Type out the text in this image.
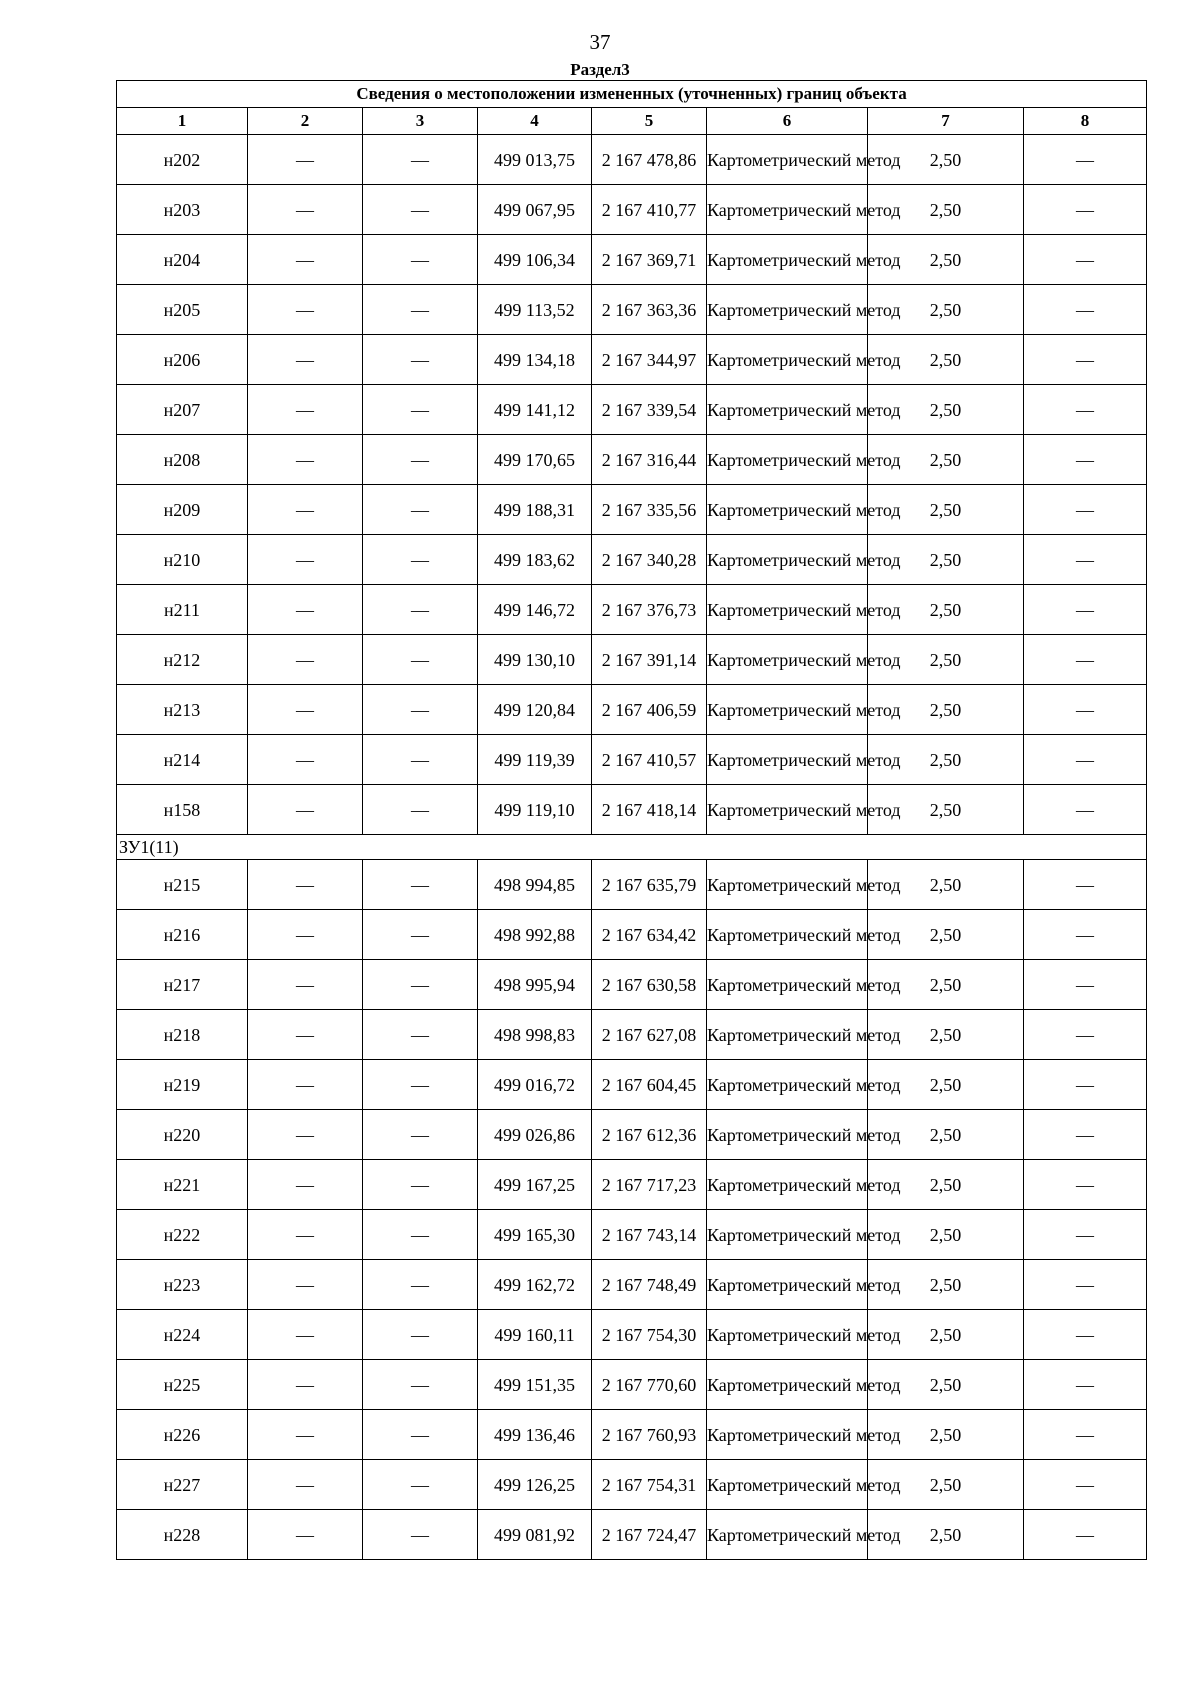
37
Раздел3
Сведения о местоположении измененных (уточненных) границ объекта							
1	2	3	4	5	6	7	8
н202	—	—	499 013,75	2 167 478,86	Картометрический метод	2,50	—
н203	—	—	499 067,95	2 167 410,77	Картометрический метод	2,50	—
н204	—	—	499 106,34	2 167 369,71	Картометрический метод	2,50	—
н205	—	—	499 113,52	2 167 363,36	Картометрический метод	2,50	—
н206	—	—	499 134,18	2 167 344,97	Картометрический метод	2,50	—
н207	—	—	499 141,12	2 167 339,54	Картометрический метод	2,50	—
н208	—	—	499 170,65	2 167 316,44	Картометрический метод	2,50	—
н209	—	—	499 188,31	2 167 335,56	Картометрический метод	2,50	—
н210	—	—	499 183,62	2 167 340,28	Картометрический метод	2,50	—
н211	—	—	499 146,72	2 167 376,73	Картометрический метод	2,50	—
н212	—	—	499 130,10	2 167 391,14	Картометрический метод	2,50	—
н213	—	—	499 120,84	2 167 406,59	Картометрический метод	2,50	—
н214	—	—	499 119,39	2 167 410,57	Картометрический метод	2,50	—
н158	—	—	499 119,10	2 167 418,14	Картометрический метод	2,50	—
ЗУ1(11)							
н215	—	—	498 994,85	2 167 635,79	Картометрический метод	2,50	—
н216	—	—	498 992,88	2 167 634,42	Картометрический метод	2,50	—
н217	—	—	498 995,94	2 167 630,58	Картометрический метод	2,50	—
н218	—	—	498 998,83	2 167 627,08	Картометрический метод	2,50	—
н219	—	—	499 016,72	2 167 604,45	Картометрический метод	2,50	—
н220	—	—	499 026,86	2 167 612,36	Картометрический метод	2,50	—
н221	—	—	499 167,25	2 167 717,23	Картометрический метод	2,50	—
н222	—	—	499 165,30	2 167 743,14	Картометрический метод	2,50	—
н223	—	—	499 162,72	2 167 748,49	Картометрический метод	2,50	—
н224	—	—	499 160,11	2 167 754,30	Картометрический метод	2,50	—
н225	—	—	499 151,35	2 167 770,60	Картометрический метод	2,50	—
н226	—	—	499 136,46	2 167 760,93	Картометрический метод	2,50	—
н227	—	—	499 126,25	2 167 754,31	Картометрический метод	2,50	—
н228	—	—	499 081,92	2 167 724,47	Картометрический метод	2,50	—
